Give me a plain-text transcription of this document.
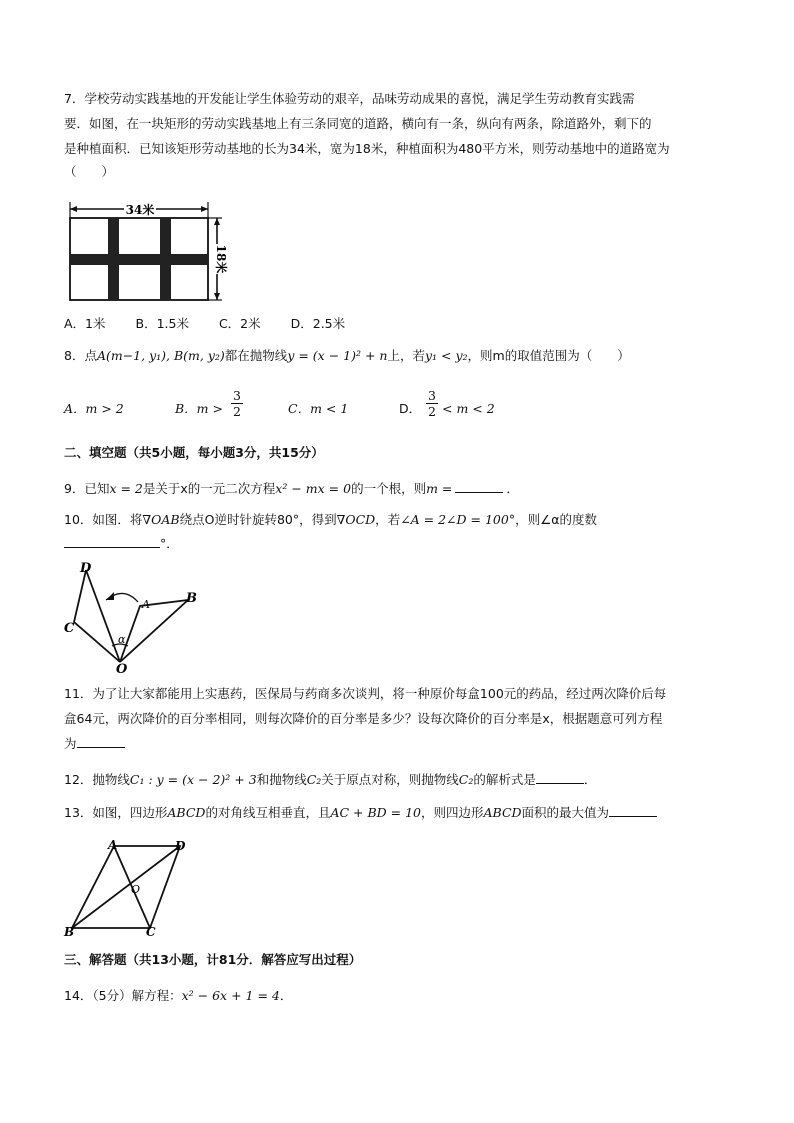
7．学校劳动实践基地的开发能让学生体验劳动的艰辛，品味劳动成果的喜悦，满足学生劳动教育实践需
要．如图，在一块矩形的劳动实践基地上有三条同宽的道路，横向有一条，纵向有两条，除道路外，剩下的
是种植面积．已知该矩形劳动基地的长为34米，宽为18米，种植面积为480平方米，则劳动基地中的道路宽为
（　　）
34米
18米
A．1米 B．1.5米 C．2米 D．2.5米
8．点A(m−1, y₁), B(m, y₂)都在抛物线y = (x − 1)² + n上，若y₁ < y₂，则m的取值范围为（　　）
A．m > 2	B．$m > \frac{3}{2}$	C．m < 1	D． $\frac{3}{2} < m < 2$
二、填空题（共5小题，每小题3分，共15分）
9．已知x = 2是关于x的一元二次方程x² − mx = 0的一个根，则m =	．
10．如图．将∇OAB绕点O逆时针旋转80°，得到∇OCD，若∠A = 2∠D = 100°，则∠α的度数
°．
D
C
A	B
O
α
11．为了让大家都能用上实惠药，医保局与药商多次谈判，将一种原价每盒100元的药品，经过两次降价后每
盒64元，两次降价的百分率相同，则每次降价的百分率是多少？设每次降价的百分率是x，根据题意可列方程
为
12．抛物线C₁ : y = (x − 2)² + 3和抛物线C₂关于原点对称，则抛物线C₂的解析式是	．
13．如图，四边形ABCD的对角线互相垂直，且AC + BD = 10，则四边形ABCD面积的最大值为
A	D
B	C
O
三、解答题（共13小题，计81分．解答应写出过程）
14．（5分）解方程：x² − 6x + 1 = 4．
